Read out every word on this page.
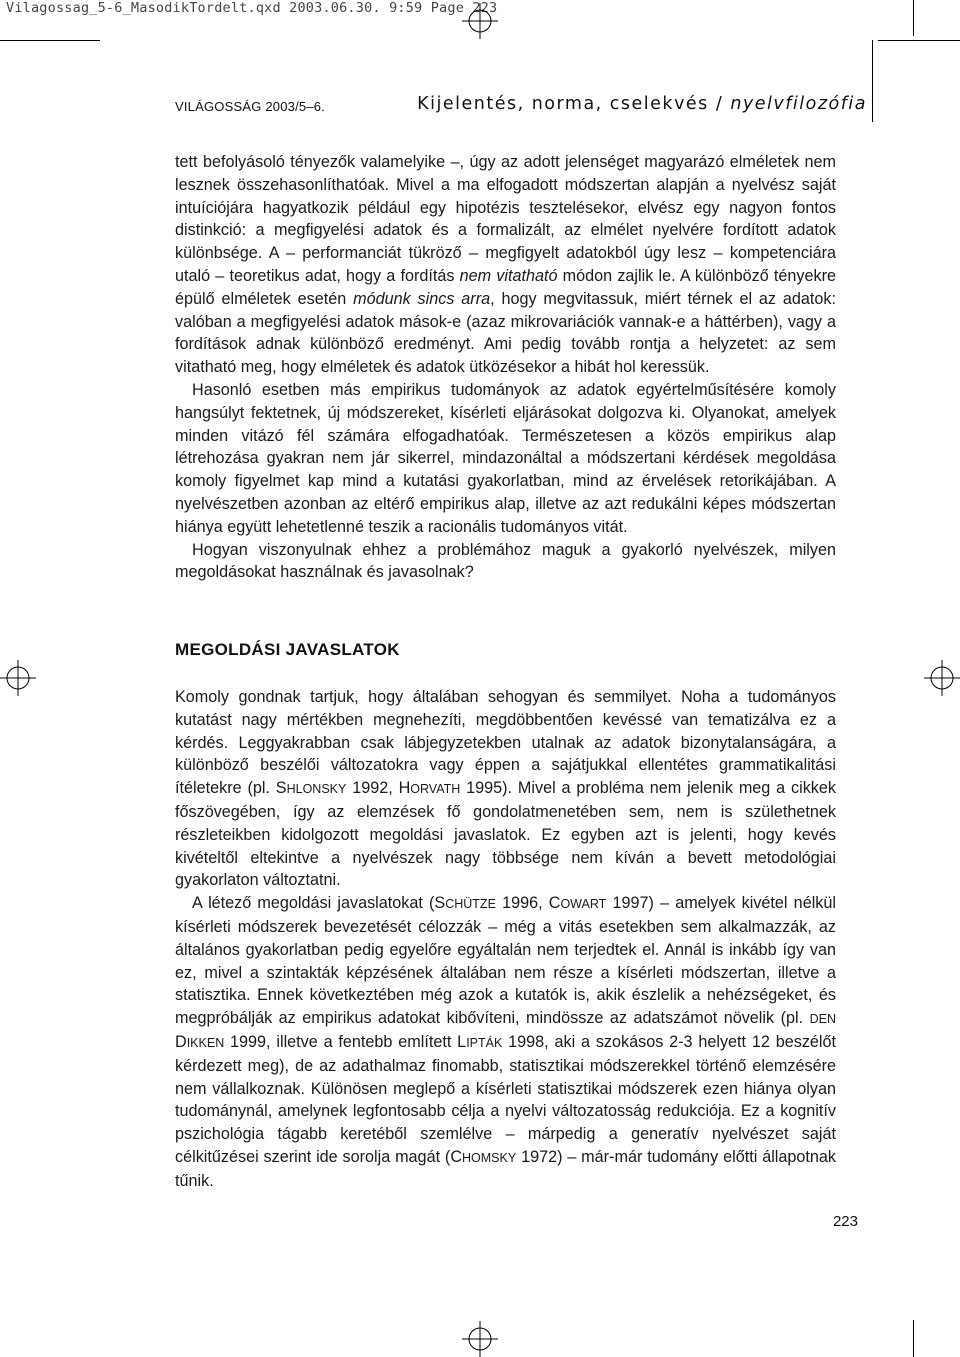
Vilagossag_5-6_MasodikTordelt.qxd 2003.06.30. 9:59 Page 223
VILÁGOSSÁG 2003/5–6.	Kijelentés, norma, cselekvés / nyelvfilozófia

tett befolyásoló tényezők valamelyike –, úgy az adott jelenséget magyarázó elméletek nem lesznek összehasonlíthatóak. Mivel a ma elfogadott módszertan alapján a nyelvész saját intuíciójára hagyatkozik például egy hipotézis tesztelésekor, elvész egy nagyon fontos distinkció: a megfigyelési adatok és a formalizált, az elmélet nyelvére fordított adatok különbsége. A – performanciát tükröző – megfigyelt adatokból úgy lesz – kompetenciára utaló – teoretikus adat, hogy a fordítás nem vitatható módon zajlik le. A különböző tényekre épülő elméletek esetén módunk sincs arra, hogy megvitassuk, miért térnek el az adatok: valóban a megfigyelési adatok mások-e (azaz mikrovariációk vannak-e a háttérben), vagy a fordítások adnak különböző eredményt. Ami pedig tovább rontja a helyzetet: az sem vitatható meg, hogy elméletek és adatok ütközésekor a hibát hol keressük.

Hasonló esetben más empirikus tudományok az adatok egyértelműsítésére komoly hangsúlyt fektetnek, új módszereket, kísérleti eljárásokat dolgozva ki. Olyanokat, amelyek minden vitázó fél számára elfogadhatóak. Természetesen a közös empirikus alap létrehozása gyakran nem jár sikerrel, mindazonáltal a módszertani kérdések megoldása komoly figyelmet kap mind a kutatási gyakorlatban, mind az érvelések retorikájában. A nyelvészetben azonban az eltérő empirikus alap, illetve az azt redukálni képes módszertan hiánya együtt lehetetlenné teszik a racionális tudományos vitát.

Hogyan viszonyulnak ehhez a problémához maguk a gyakorló nyelvészek, milyen megoldásokat használnak és javasolnak?

MEGOLDÁSI JAVASLATOK

Komoly gondnak tartjuk, hogy általában sehogyan és semmilyet. Noha a tudományos kutatást nagy mértékben megnehezíti, megdöbbentően kevéssé van tematizálva ez a kérdés. Leggyakrabban csak lábjegyzetekben utalnak az adatok bizonytalanságára, a különböző beszélői változatokra vagy éppen a sajátjukkal ellentétes grammatikalitási ítéletekre (pl. SHLONSKY 1992, HORVATH 1995). Mivel a probléma nem jelenik meg a cikkek főszövegében, így az elemzések fő gondolatmenetében sem, nem is születhetnek részleteikben kidolgozott megoldási javaslatok. Ez egyben azt is jelenti, hogy kevés kivételtől eltekintve a nyelvészek nagy többsége nem kíván a bevett metodológiai gyakorlaton változtatni.

A létező megoldási javaslatokat (SCHÜTZE 1996, COWART 1997) – amelyek kivétel nélkül kísérleti módszerek bevezetését célozzák – még a vitás esetekben sem alkalmazzák, az általános gyakorlatban pedig egyelőre egyáltalán nem terjedtek el. Annál is inkább így van ez, mivel a szintakták képzésének általában nem része a kísérleti módszertan, illetve a statisztika. Ennek következtében még azok a kutatók is, akik észlelik a nehézségeket, és megpróbálják az empirikus adatokat kibővíteni, mindössze az adatszámot növelik (pl. DEN DIKKEN 1999, illetve a fentebb említett LIPTÁK 1998, aki a szokásos 2-3 helyett 12 beszélőt kérdezett meg), de az adathalmaz finomabb, statisztikai módszerekkel történő elemzésére nem vállalkoznak. Különösen meglepő a kísérleti statisztikai módszerek ezen hiánya olyan tudománynál, amelynek legfontosabb célja a nyelvi változatosság redukciója. Ez a kognitív pszichológia tágabb keretéből szemlélve – márpedig a generatív nyelvészet saját célkitűzései szerint ide sorolja magát (CHOMSKY 1972) – már-már tudomány előtti állapotnak tűnik.

223
